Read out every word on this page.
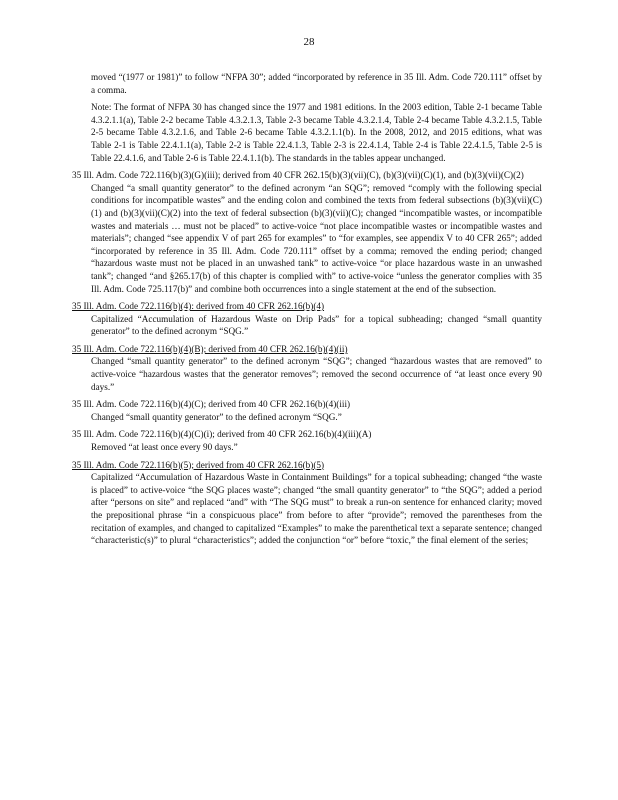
28

moved “(1977 or 1981)” to follow “NFPA 30”; added “incorporated by reference in 35 Ill. Adm. Code 720.111” offset by a comma.

Note: The format of NFPA 30 has changed since the 1977 and 1981 editions. In the 2003 edition, Table 2-1 became Table 4.3.2.1.1(a), Table 2-2 became Table 4.3.2.1.3, Table 2-3 became Table 4.3.2.1.4, Table 2-4 became Table 4.3.2.1.5, Table 2-5 became Table 4.3.2.1.6, and Table 2-6 became Table 4.3.2.1.1(b). In the 2008, 2012, and 2015 editions, what was Table 2-1 is Table 22.4.1.1(a), Table 2-2 is Table 22.4.1.3, Table 2-3 is 22.4.1.4, Table 2-4 is Table 22.4.1.5, Table 2-5 is Table 22.4.1.6, and Table 2-6 is Table 22.4.1.1(b). The standards in the tables appear unchanged.

35 Ill. Adm. Code 722.116(b)(3)(G)(iii); derived from 40 CFR 262.15(b)(3)(vii)(C), (b)(3)(vii)(C)(1), and (b)(3)(vii)(C)(2)

Changed “a small quantity generator” to the defined acronym “an SQG”; removed “comply with the following special conditions for incompatible wastes” and the ending colon and combined the texts from federal subsections (b)(3)(vii)(C)(1) and (b)(3)(vii)(C)(2) into the text of federal subsection (b)(3)(vii)(C); changed “incompatible wastes, or incompatible wastes and materials … must not be placed” to active-voice “not place incompatible wastes or incompatible wastes and materials”; changed “see appendix V of part 265 for examples” to “for examples, see appendix V to 40 CFR 265”; added “incorporated by reference in 35 Ill. Adm. Code 720.111” offset by a comma; removed the ending period; changed “hazardous waste must not be placed in an unwashed tank” to active-voice “or place hazardous waste in an unwashed tank”; changed “and §265.17(b) of this chapter is complied with” to active-voice “unless the generator complies with 35 Ill. Adm. Code 725.117(b)” and combine both occurrences into a single statement at the end of the subsection.

35 Ill. Adm. Code 722.116(b)(4): derived from 40 CFR 262.16(b)(4)

Capitalized “Accumulation of Hazardous Waste on Drip Pads” for a topical subheading; changed “small quantity generator” to the defined acronym “SQG.”

35 Ill. Adm. Code 722.116(b)(4)(B); derived from 40 CFR 262.16(b)(4)(ii)

Changed “small quantity generator” to the defined acronym “SQG”; changed “hazardous wastes that are removed” to active-voice “hazardous wastes that the generator removes”; removed the second occurrence of “at least once every 90 days.”

35 Ill. Adm. Code 722.116(b)(4)(C); derived from 40 CFR 262.16(b)(4)(iii)

Changed “small quantity generator” to the defined acronym “SQG.”

35 Ill. Adm. Code 722.116(b)(4)(C)(i); derived from 40 CFR 262.16(b)(4)(iii)(A)

Removed “at least once every 90 days.”

35 Ill. Adm. Code 722.116(b)(5); derived from 40 CFR 262.16(b)(5)

Capitalized “Accumulation of Hazardous Waste in Containment Buildings” for a topical subheading; changed “the waste is placed” to active-voice “the SQG places waste”; changed “the small quantity generator” to “the SQG”; added a period after “persons on site” and replaced “and” with “The SQG must” to break a run-on sentence for enhanced clarity; moved the prepositional phrase “in a conspicuous place” from before to after “provide”; removed the parentheses from the recitation of examples, and changed to capitalized “Examples” to make the parenthetical text a separate sentence; changed “characteristic(s)” to plural “characteristics”; added the conjunction “or” before “toxic,” the final element of the series;
